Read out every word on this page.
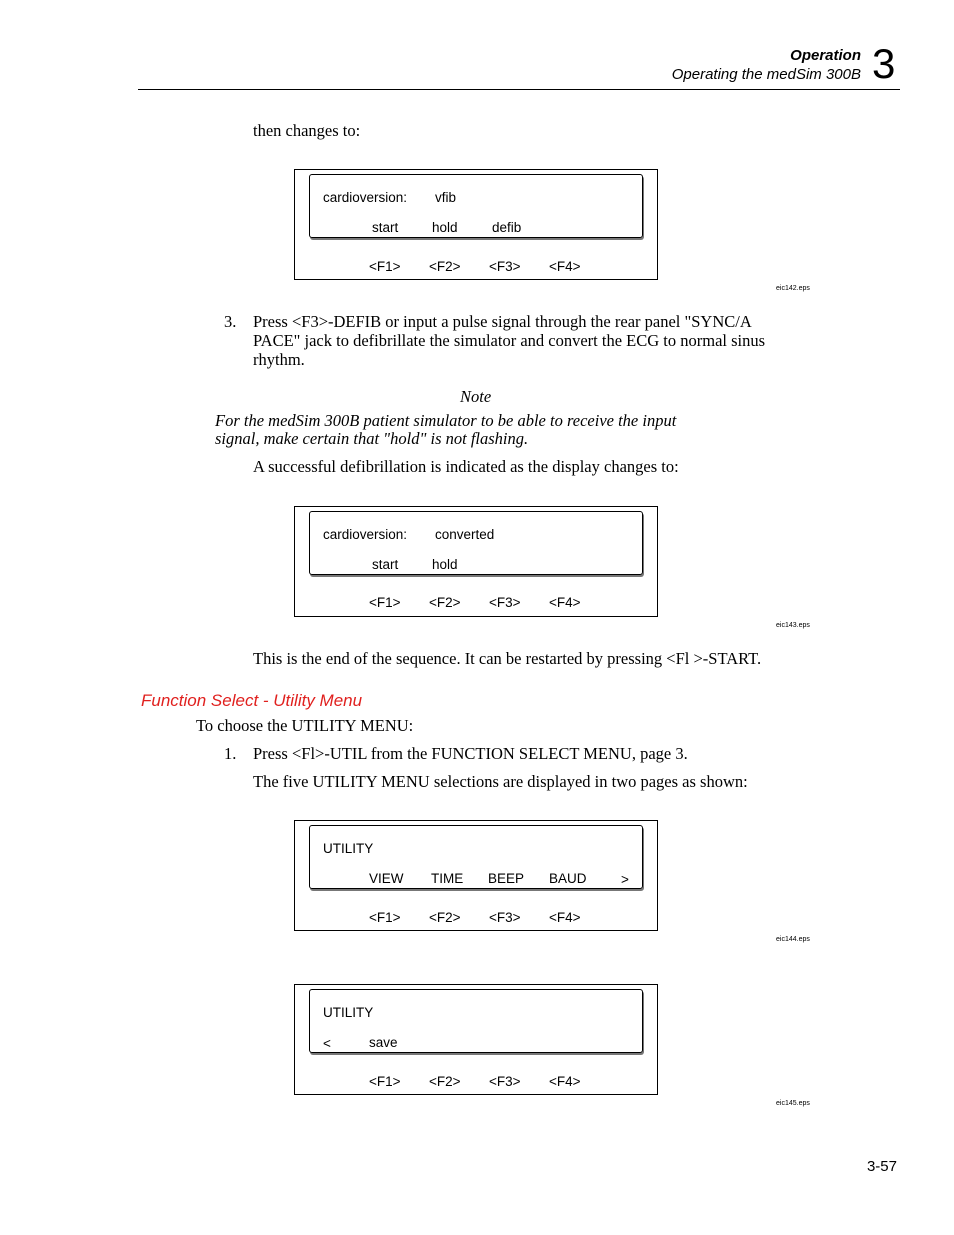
Operation
Operating the medSim 300B 3
then changes to:
cardioversion: vfib
start hold	defib
<F1> <F2> <F3> <F4>
eic142.eps
3. Press <F3>-DEFIB or input a pulse signal through the rear panel "SYNC/A
PACE" jack to defibrillate the simulator and convert the ECG to normal sinus
rhythm.
Note
For the medSim 300B patient simulator to be able to receive the input
signal, make certain that "hold" is not flashing.
A successful defibrillation is indicated as the display changes to:
cardioversion: converted
start hold
<F1> <F2> <F3> <F4>
eic143.eps
This is the end of the sequence. It can be restarted by pressing <Fl >-START.
Function Select - Utility Menu
To choose the UTILITY MENU:
1. Press <Fl>-UTIL from the FUNCTION SELECT MENU, page 3.
The five UTILITY MENU selections are displayed in two pages as shown:
UTILITY
VIEW TIME BEEP BAUD	>
<F1> <F2> <F3> <F4>
eic144.eps
UTILITY
<	save
<F1> <F2> <F3> <F4>
eic145.eps
3-57
